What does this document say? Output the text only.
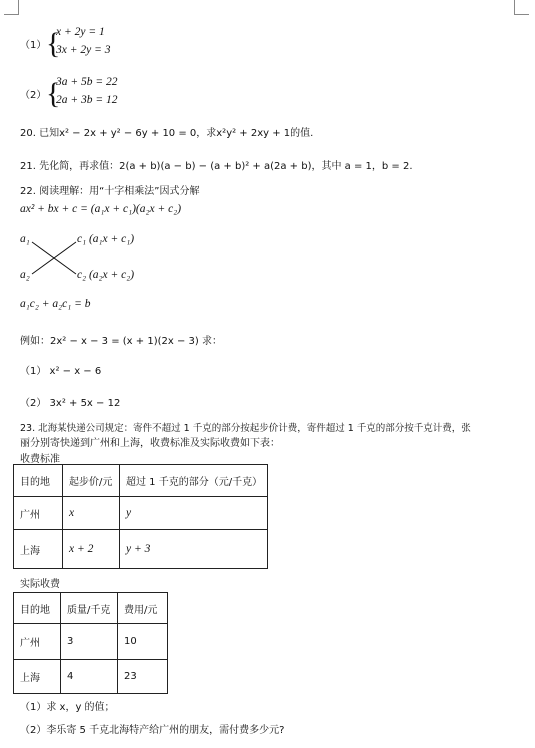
（1） {
x + 2y = 1
3x + 2y = 3
（2） {
3a + 5b = 22
2a + 3b = 12
20. 已知x² − 2x + y² − 6y + 10 = 0，求x²y² + 2xy + 1的值.
21. 先化简，再求值：2(a + b)(a − b) − (a + b)² + a(2a + b)，其中 a = 1，b = 2.
22. 阅读理解：用“十字相乘法”因式分解
ax² + bx + c = (a₁x + c₁)(a₂x + c₂)
a₁
a₂
c₁ (a₁x + c₁)
c₂ (a₂x + c₂)
a₁c₂ + a₂c₁ = b
例如：2x² − x − 3 = (x + 1)(2x − 3) 求：
（1） x² − x − 6
（2） 3x² + 5x − 12
23. 北海某快递公司规定：寄件不超过 1 千克的部分按起步价计费，寄件超过 1 千克的部分按千克计费，张
丽分别寄快递到广州和上海，收费标准及实际收费如下表：
收费标准
目的地	起步价/元	超过 1 千克的部分（元/千克）
广州	x	y
上海	x + 2	y + 3
实际收费
目的地	质量/千克	费用/元
广州	3	10
上海	4	23
（1）求 x，y 的值；
（2）李乐寄 5 千克北海特产给广州的朋友，需付费多少元?
